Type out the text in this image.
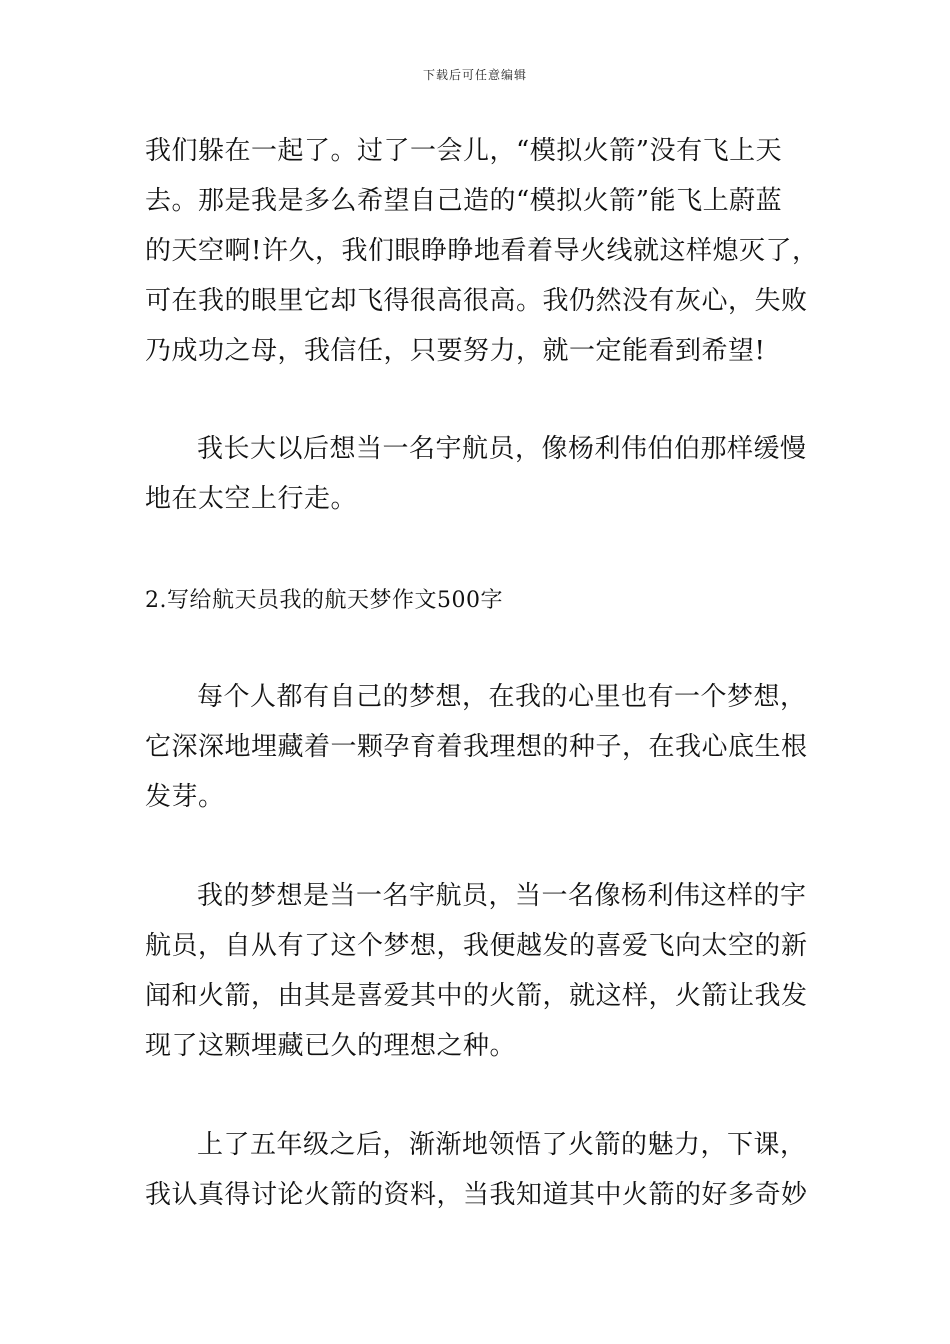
下载后可任意编辑
我们躲在一起了。过了一会儿，“模拟火箭”没有飞上天
去。那是我是多么希望自己造的“模拟火箭”能飞上蔚蓝
的天空啊!许久，我们眼睁睁地看着导火线就这样熄灭了，
可在我的眼里它却飞得很高很高。我仍然没有灰心，失败
乃成功之母，我信任，只要努力，就一定能看到希望!
我长大以后想当一名宇航员，像杨利伟伯伯那样缓慢
地在太空上行走。
2.写给航天员我的航天梦作文500字
每个人都有自己的梦想，在我的心里也有一个梦想，
它深深地埋藏着一颗孕育着我理想的种子，在我心底生根
发芽。
我的梦想是当一名宇航员，当一名像杨利伟这样的宇
航员，自从有了这个梦想，我便越发的喜爱飞向太空的新
闻和火箭，由其是喜爱其中的火箭，就这样，火箭让我发
现了这颗埋藏已久的理想之种。
上了五年级之后，渐渐地领悟了火箭的魅力，下课，
我认真得讨论火箭的资料，当我知道其中火箭的好多奇妙
